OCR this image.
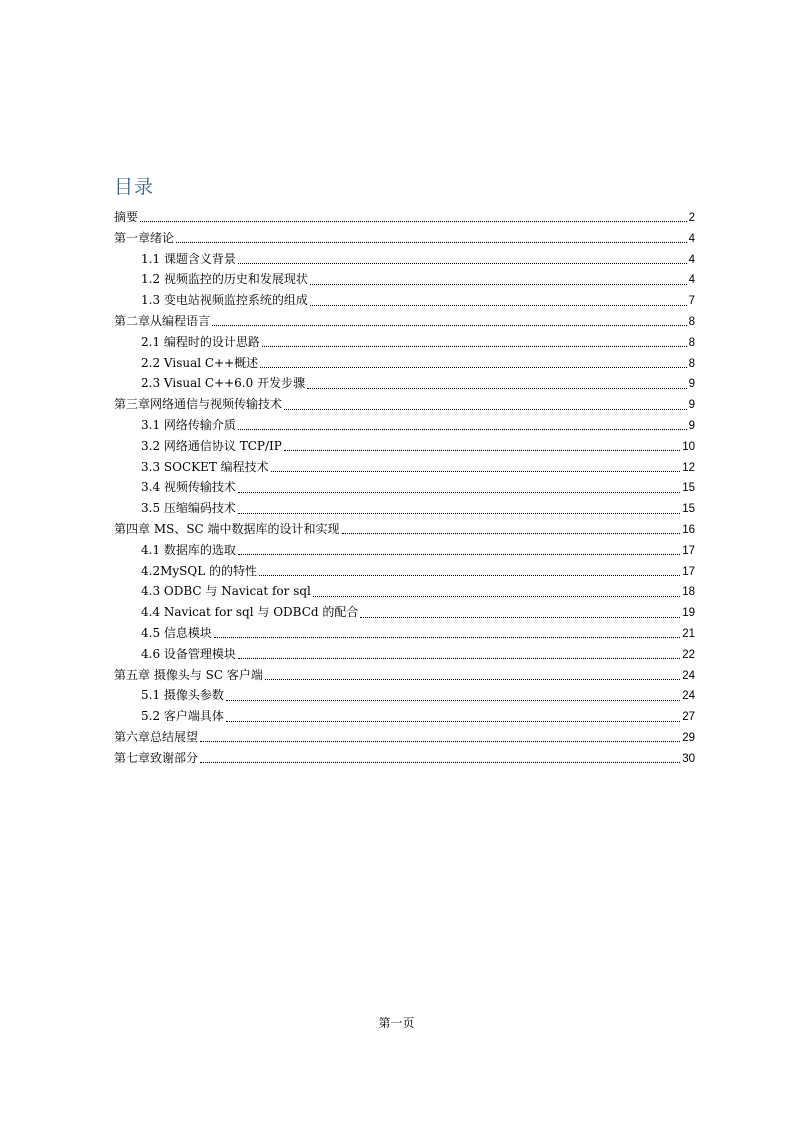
目录
摘要	2
第一章绪论	4
1.1 课题含义背景	4
1.2 视频监控的历史和发展现状	4
1.3 变电站视频监控系统的组成	7
第二章从编程语言	8
2.1 编程时的设计思路	8
2.2 Visual C++概述	8
2.3 Visual C++6.0 开发步骤	9
第三章网络通信与视频传输技术	9
3.1 网络传输介质	9
3.2 网络通信协议 TCP/IP	10
3.3 SOCKET 编程技术	12
3.4 视频传输技术	15
3.5 压缩编码技术	15
第四章 MS、SC 端中数据库的设计和实现	16
4.1 数据库的选取	17
4.2MySQL 的的特性	17
4.3 ODBC 与 Navicat for sql	18
4.4 Navicat for sql 与 ODBCd 的配合	19
4.5 信息模块	21
4.6 设备管理模块	22
第五章 摄像头与 SC 客户端	24
5.1 摄像头参数	24
5.2 客户端具体	27
第六章总结展望	29
第七章致谢部分	30
第一页
